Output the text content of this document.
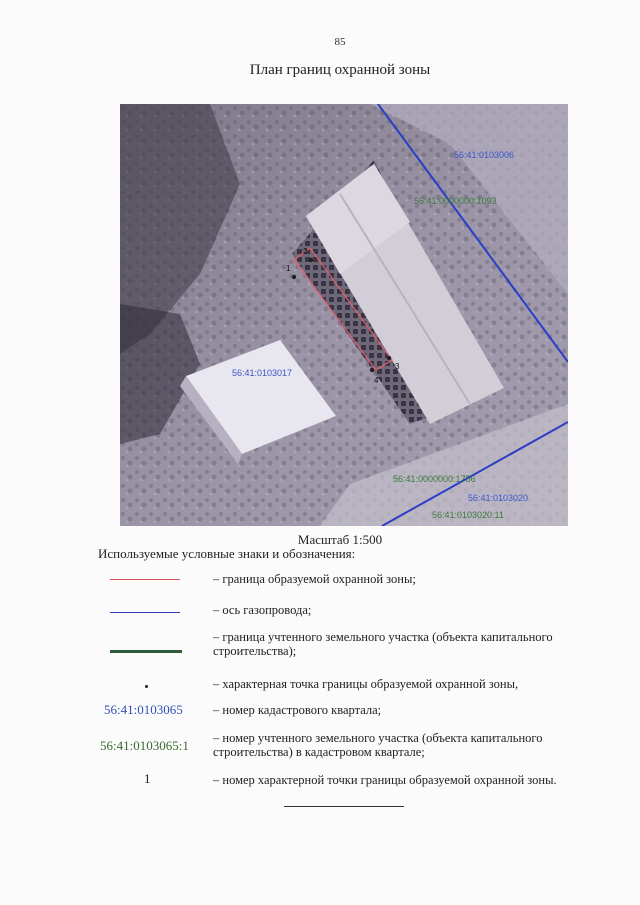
85
План границ охранной зоны
1
2
3
4
56:41:0103006
56:41:0103017
56:41:0103020
56:41:0000000:1093
56:41:0000000:1756
56:41:0103020:11
Масштаб 1:500
Используемые условные знаки и обозначения:
– граница образуемой охранной зоны;
– ось газопровода;
– граница учтенного земельного участка (объекта капитального строительства);
– характерная точка границы образуемой охранной зоны,
56:41:0103065 – номер кадастрового квартала;
56:41:0103065:1 – номер учтенного земельного участка (объекта капитального строительства) в кадастровом квартале;
1	– номер характерной точки границы образуемой охранной зоны.
